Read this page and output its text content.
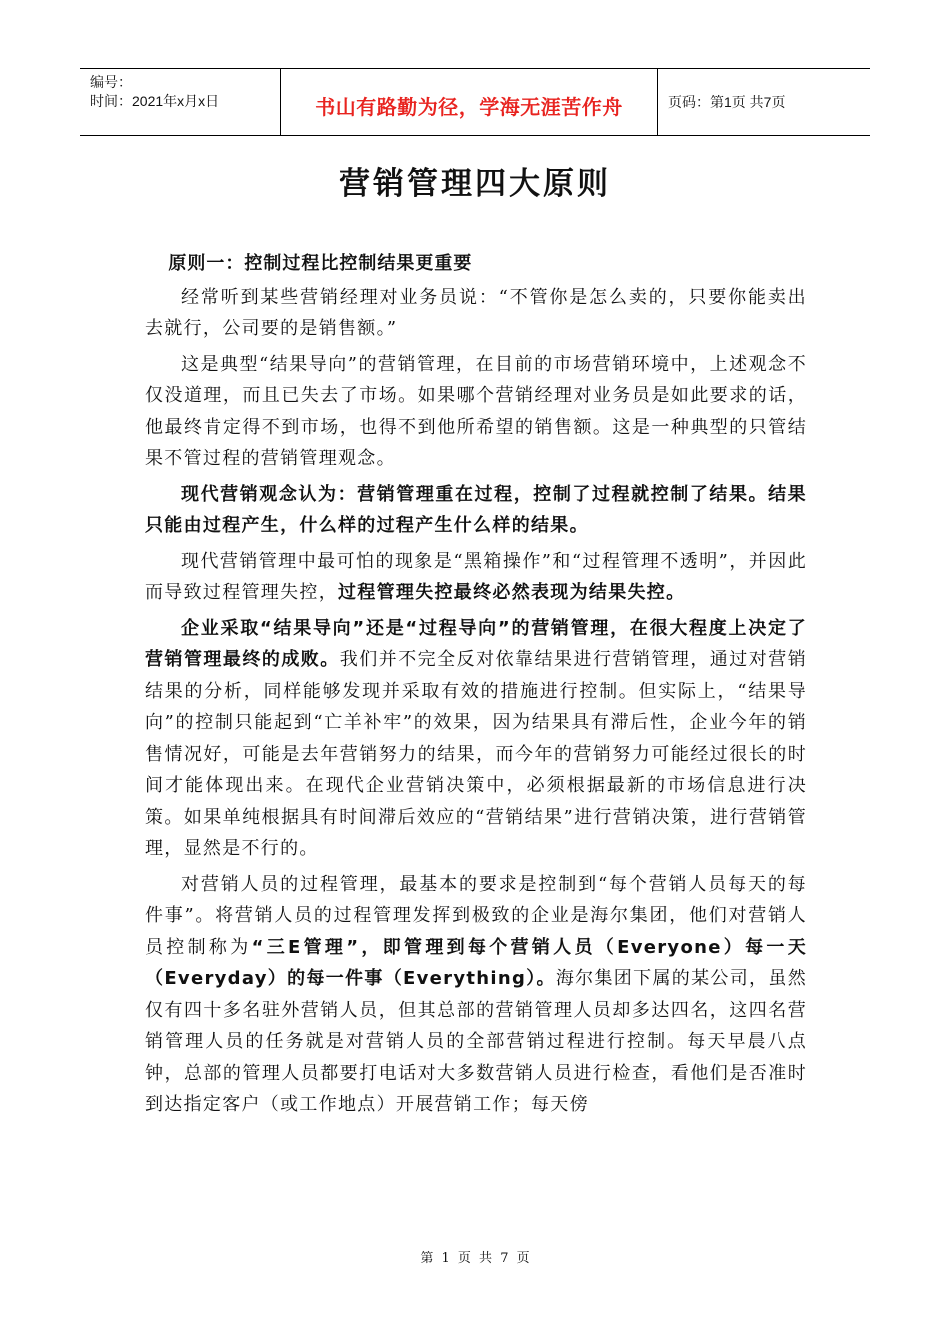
编号：
时间：2021年x月x日	书山有路勤为径，学海无涯苦作舟	页码：第1页 共7页
营销管理四大原则

原则一：控制过程比控制结果更重要

经常听到某些营销经理对业务员说：“不管你是怎么卖的，只要你能卖出去就行，公司要的是销售额。”

这是典型“结果导向”的营销管理，在目前的市场营销环境中，上述观念不仅没道理，而且已失去了市场。如果哪个营销经理对业务员是如此要求的话，他最终肯定得不到市场，也得不到他所希望的销售额。这是一种典型的只管结果不管过程的营销管理观念。

现代营销观念认为：营销管理重在过程，控制了过程就控制了结果。结果只能由过程产生，什么样的过程产生什么样的结果。

现代营销管理中最可怕的现象是“黑箱操作”和“过程管理不透明”，并因此而导致过程管理失控，过程管理失控最终必然表现为结果失控。

企业采取“结果导向”还是“过程导向”的营销管理，在很大程度上决定了营销管理最终的成败。我们并不完全反对依靠结果进行营销管理，通过对营销结果的分析，同样能够发现并采取有效的措施进行控制。但实际上，“结果导向”的控制只能起到“亡羊补牢”的效果，因为结果具有滞后性，企业今年的销售情况好，可能是去年营销努力的结果，而今年的营销努力可能经过很长的时间才能体现出来。在现代企业营销决策中，必须根据最新的市场信息进行决策。如果单纯根据具有时间滞后效应的“营销结果”进行营销决策，进行营销管理，显然是不行的。

对营销人员的过程管理，最基本的要求是控制到“每个营销人员每天的每件事”。将营销人员的过程管理发挥到极致的企业是海尔集团，他们对营销人员控制称为“三E管理”，即管理到每个营销人员（Everyone）每一天（Everyday）的每一件事（Everything）。海尔集团下属的某公司，虽然仅有四十多名驻外营销人员，但其总部的营销管理人员却多达四名，这四名营销管理人员的任务就是对营销人员的全部营销过程进行控制。每天早晨八点钟，总部的管理人员都要打电话对大多数营销人员进行检查，看他们是否准时到达指定客户（或工作地点）开展营销工作；每天傍

第 1 页 共 7 页
